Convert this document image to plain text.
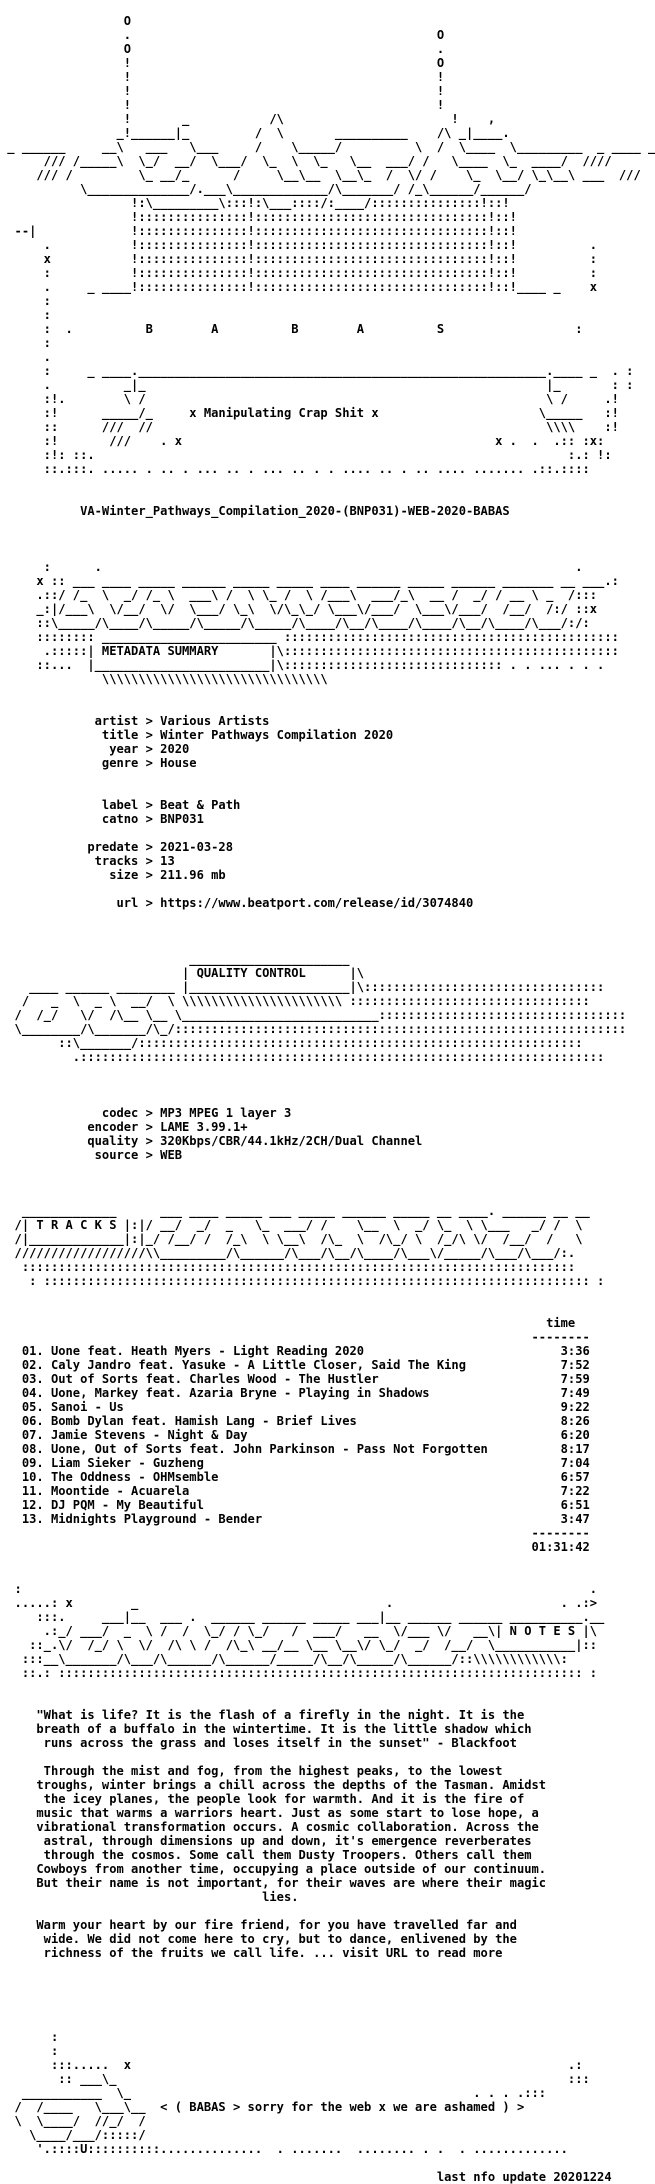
O
.                                          O
O                                          .
!                                          O
!                                          !
!                                          !
!                                          !
!       _           /\                       !    ,
_!______|_         /  \       __________    /\ _|____.
_ ______     __\   ___   \___     /    \_____/          \  /  \____  \_________  _ ____ _
/// /_____\  \_/  __/  \___/  \_  \  \_   \__  ___/ /   \____  \_  ____/  ////
/// /         \_ __/_      /     \__\__  \__\_  /  \/ /    \_  \__/ \_\__\ ___  ///
\______________/.___\_____________/\_______/ /_\______/______/
!:\_________\:::!:\___::::/:____/:::::::::::::::!::!
!:::::::::::::::!::::::::::::::::::::::::::::::::!::!
--|             !:::::::::::::::!::::::::::::::::::::::::::::::::!::!
.           !:::::::::::::::!::::::::::::::::::::::::::::::::!::!          .
x           !:::::::::::::::!::::::::::::::::::::::::::::::::!::!          :
:           !:::::::::::::::!::::::::::::::::::::::::::::::::!::!          :
.     _ ____!:::::::::::::::!::::::::::::::::::::::::::::::::!::!____ _    x
:
:
:  .          B        A          B        A          S                  :
:
.
:     _ ____.________________________________________________________.____ _  . :
.          _|_                                                       |_       : :
:!.        \ /                                                       \ /     .!
:!      _____/_     x Manipulating Crap Shit x                      \_____   :!
::      ///  //                                                      \\\\    :!
:!       ///    . x                                           x .  .  .:: :x:
:!: ::.                                                                 :.: !:
::.:::. ..... . .. . ... .. . ... .. . . .... .. . .. .... ....... .::.::::
VA-Winter_Pathways_Compilation_2020-(BNP031)-WEB-2020-BABAS
:      .                                                                 .
x :: ___ ____ _____ ______ _____ _____ ____ ______ _____ ______ _______ __ ___.:
.::/ /_  \  _/ /_ \  ___\ /  \ \_ /  \ /___\  ___/_\  __ /  _/ / __ \ _  /:::
_:|/___\  \/__/  \/  \___/ \_\  \/\_\_/ \___\/___/  \___\/___/  /__/  /:/ ::x
::\_____/\____/\_____/\_____/\_____/\____/\__/\____/\____/\__/\____/\___/:/:
:::::::: ________________________ ::::::::::::::::::::::::::::::::::::::::::::::
.:::::| METADATA SUMMARY       |\::::::::::::::::::::::::::::::::::::::::::::::
::...  |________________________|\:::::::::::::::::::::::::::::: . . ... . . .
\\\\\\\\\\\\\\\\\\\\\\\\\\\\\\\
artist > Various Artists
title > Winter Pathways Compilation 2020
year > 2020
genre > House
label > Beat & Path
catno > BNP031
predate > 2021-03-28
tracks > 13
size > 211.96 mb
url > https://www.beatport.com/release/id/3074840
______________________
| QUALITY CONTROL      |\
____ ______ ________ |______________________|\:::::::::::::::::::::::::::::::::
/   _  \  _ \  __/  \ \\\\\\\\\\\\\\\\\\\\\\ :::::::::::::::::::::::::::::::::
/  /_/   \/  /\__ \__ \___________________________::::::::::::::::::::::::::::::::::
\________/\_______/\_/::::::::::::::::::::::::::::::::::::::::::::::::::::::::::::::
::\_______/:::::::::::::::::::::::::::::::::::::::::::::::::::::::::::::
.::::::::::::::::::::::::::::::::::::::::::::::::::::::::::::::::::::::::
codec > MP3 MPEG 1 layer 3
encoder > LAME 3.99.1+
quality > 320Kbps/CBR/44.1kHz/2CH/Dual Channel
source > WEB
_____________      ___ ____ _____ ___ _____ ______ _____ __ ____. ______ __ __
/| T R A C K S |:|/ __/  _/  _   \_  ___/ /    \__  \  _/ \_  \ \___   _/ /  \
/|_____________|:|_/ /__/ /  /_\  \ \__\  /\_  \  /\_/ \  /_/\ \/  /__/  /   \
//////////////////\\_________/\______/\___/\__/\____/\___\/_____/\___/\___/:.
::::::::::::::::::::::::::::::::::::::::::::::::::::::::::::::::::::::::::::
: ::::::::::::::::::::::::::::::::::::::::::::::::::::::::::::::::::::::::::: :
time
--------
01. Uone feat. Heath Myers - Light Reading 2020                           3:36
02. Caly Jandro feat. Yasuke - A Little Closer, Said The King             7:52
03. Out of Sorts feat. Charles Wood - The Hustler                         7:59
04. Uone, Markey feat. Azaria Bryne - Playing in Shadows                  7:49
05. Sanoi - Us                                                            9:22
06. Bomb Dylan feat. Hamish Lang - Brief Lives                            8:26
07. Jamie Stevens - Night & Day                                           6:20
08. Uone, Out of Sorts feat. John Parkinson - Pass Not Forgotten          8:17
09. Liam Sieker - Guzheng                                                 7:04
10. The Oddness - OHMsemble                                               6:57
11. Moontide - Acuarela                                                   7:22
12. DJ PQM - My Beautiful                                                 6:51
13. Midnights Playground - Bender                                         3:47
--------
01:31:42
:                                                                              .
.....: x        _                                  .                       . .:>
:::.     ___|__  ___ .  ______ ______ _____ ___|__ ______ ______ __________.__
.:_/ ___/  _  \ /  /  \_/ / \_/   /  ___/   __  \/___ \/   __\| N O T E S |\
::_.\/  /_/ \  \/  /\ \ /  /\_\ __/__ \__ \__\/ \_/  _/  /__/  \___________|::
:::__\_______/\___/\______/\______/_____/\__/\_____/\______/::\\\\\\\\\\\\:
::.: :::::::::::::::::::::::::::::::::::::::::::::::::::::::::::::::::::::::: :
"What is life? It is the flash of a firefly in the night. It is the
breath of a buffalo in the wintertime. It is the little shadow which
runs across the grass and loses itself in the sunset" - Blackfoot
Through the mist and fog, from the highest peaks, to the lowest
troughs, winter brings a chill across the depths of the Tasman. Amidst
the icey planes, the people look for warmth. And it is the fire of
music that warms a warriors heart. Just as some start to lose hope, a
vibrational transformation occurs. A cosmic collaboration. Across the
astral, through dimensions up and down, it's emergence reverberates
through the cosmos. Some call them Dusty Troopers. Others call them
Cowboys from another time, occupying a place outside of our continuum.
But their name is not important, for their waves are where their magic
lies.
Warm your heart by our fire friend, for you have travelled far and
wide. We did not come here to cry, but to dance, enlivened by the
richness of the fruits we call life. ... visit URL to read more
:
:
:::.....  x                                                            .:
:: ___\_                                                              :::
___________  \_                                               . . . .:::
/  /____   \___\__  < ( BABAS > sorry for the web x we are ashamed ) >
\  \____/  //_/  /
\____/___/:::::/
'.::::U::::::::::..............  . .......  ........ . .  . .............
last nfo update 20201224
